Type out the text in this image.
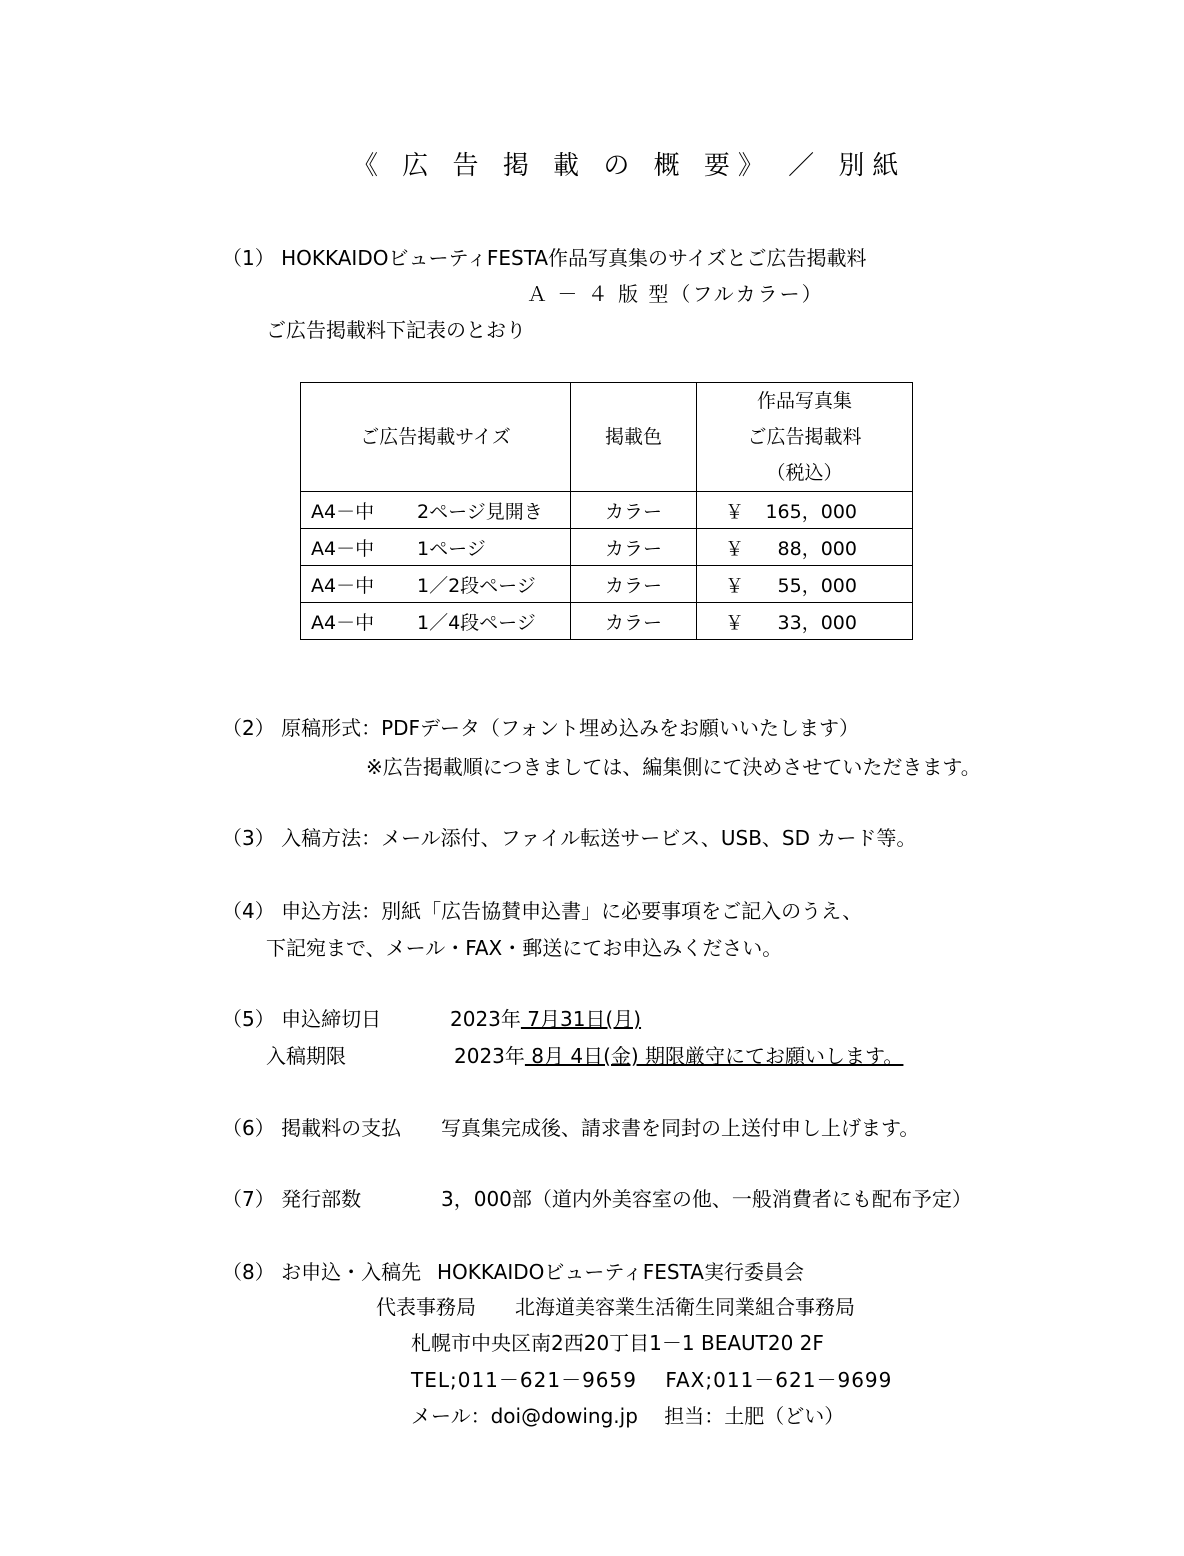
《 広 告 掲 載 の 概 要》 ／ 別紙
（1） HOKKAIDOビューティFESTA作品写真集のサイズとご広告掲載料
Ａ － ４ 版 型（フルカラー）
ご広告掲載料下記表のとおり
ご広告掲載サイズ	掲載色	作品写真集
ご広告掲載料
（税込）

A4－中 2ページ見開き	カラー	￥ 165，000
A4－中 1ページ	カラー	￥ 88，000
A4－中 1／2段ページ	カラー	￥ 55，000
A4－中 1／4段ページ	カラー	￥ 33，000
（2） 原稿形式：PDFデータ（フォント埋め込みをお願いいたします）
※広告掲載順につきましては、編集側にて決めさせていただきます。
（3） 入稿方法：メール添付、ファイル転送サービス、USB、SD カード等。
（4） 申込方法：別紙「広告協賛申込書」に必要事項をご記入のうえ、
下記宛まで、メール・FAX・郵送にてお申込みください。
（5） 申込締切日	2023年 7月31日(月)
入稿期限	2023年 8月 4日(金) 期限厳守にてお願いします。
（6） 掲載料の支払 写真集完成後、請求書を同封の上送付申し上げます。
（7） 発行部数	3，000部（道内外美容室の他、一般消費者にも配布予定）
（8） お申込・入稿先 HOKKAIDOビューティFESTA実行委員会
代表事務局 北海道美容業生活衛生同業組合事務局
札幌市中央区南2西20丁目1－1 BEAUT20 2F
TEL;011－621－9659　 FAX;011－621－9699
メール：doi@dowing.jp　 担当：土肥（どい）
